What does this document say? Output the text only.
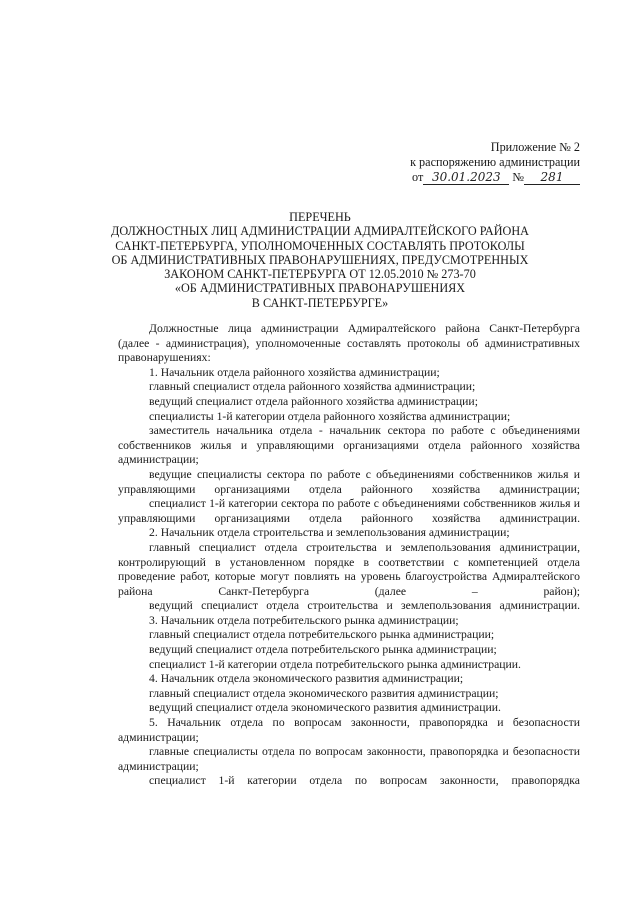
Приложение № 2
к распоряжению администрации
от 30.01.2023 № 281
ПЕРЕЧЕНЬ
ДОЛЖНОСТНЫХ ЛИЦ АДМИНИСТРАЦИИ АДМИРАЛТЕЙСКОГО РАЙОНА
САНКТ-ПЕТЕРБУРГА, УПОЛНОМОЧЕННЫХ СОСТАВЛЯТЬ ПРОТОКОЛЫ
ОБ АДМИНИСТРАТИВНЫХ ПРАВОНАРУШЕНИЯХ, ПРЕДУСМОТРЕННЫХ
ЗАКОНОМ САНКТ-ПЕТЕРБУРГА ОТ 12.05.2010 № 273-70
«ОБ АДМИНИСТРАТИВНЫХ ПРАВОНАРУШЕНИЯХ
В САНКТ-ПЕТЕРБУРГЕ»

Должностные лица администрации Адмиралтейского района Санкт-Петербурга (далее - администрация), уполномоченные составлять протоколы об административных правонарушениях:

1. Начальник отдела районного хозяйства администрации;

главный специалист отдела районного хозяйства администрации;

ведущий специалист отдела районного хозяйства администрации;

специалисты 1-й категории отдела районного хозяйства администрации;

заместитель начальника отдела - начальник сектора по работе с объединениями собственников жилья и управляющими организациями отдела районного хозяйства администрации;

ведущие специалисты сектора по работе с объединениями собственников жилья и управляющими организациями отдела районного хозяйства администрации;

специалист 1-й категории сектора по работе с объединениями собственников жилья и управляющими организациями отдела районного хозяйства администрации.

2. Начальник отдела строительства и землепользования администрации;

главный специалист отдела строительства и землепользования администрации, контролирующий в установленном порядке в соответствии с компетенцией отдела проведение работ, которые могут повлиять на уровень благоустройства Адмиралтейского района Санкт-Петербурга (далее – район);

ведущий специалист отдела строительства и землепользования администрации.

3. Начальник отдела потребительского рынка администрации;

главный специалист отдела потребительского рынка администрации;

ведущий специалист отдела потребительского рынка администрации;

специалист 1-й категории отдела потребительского рынка администрации.

4. Начальник отдела экономического развития администрации;

главный специалист отдела экономического развития администрации;

ведущий специалист отдела экономического развития администрации.

5. Начальник отдела по вопросам законности, правопорядка и безопасности администрации;

главные специалисты отдела по вопросам законности, правопорядка и безопасности администрации;

специалист 1-й категории отдела по вопросам законности, правопорядка
